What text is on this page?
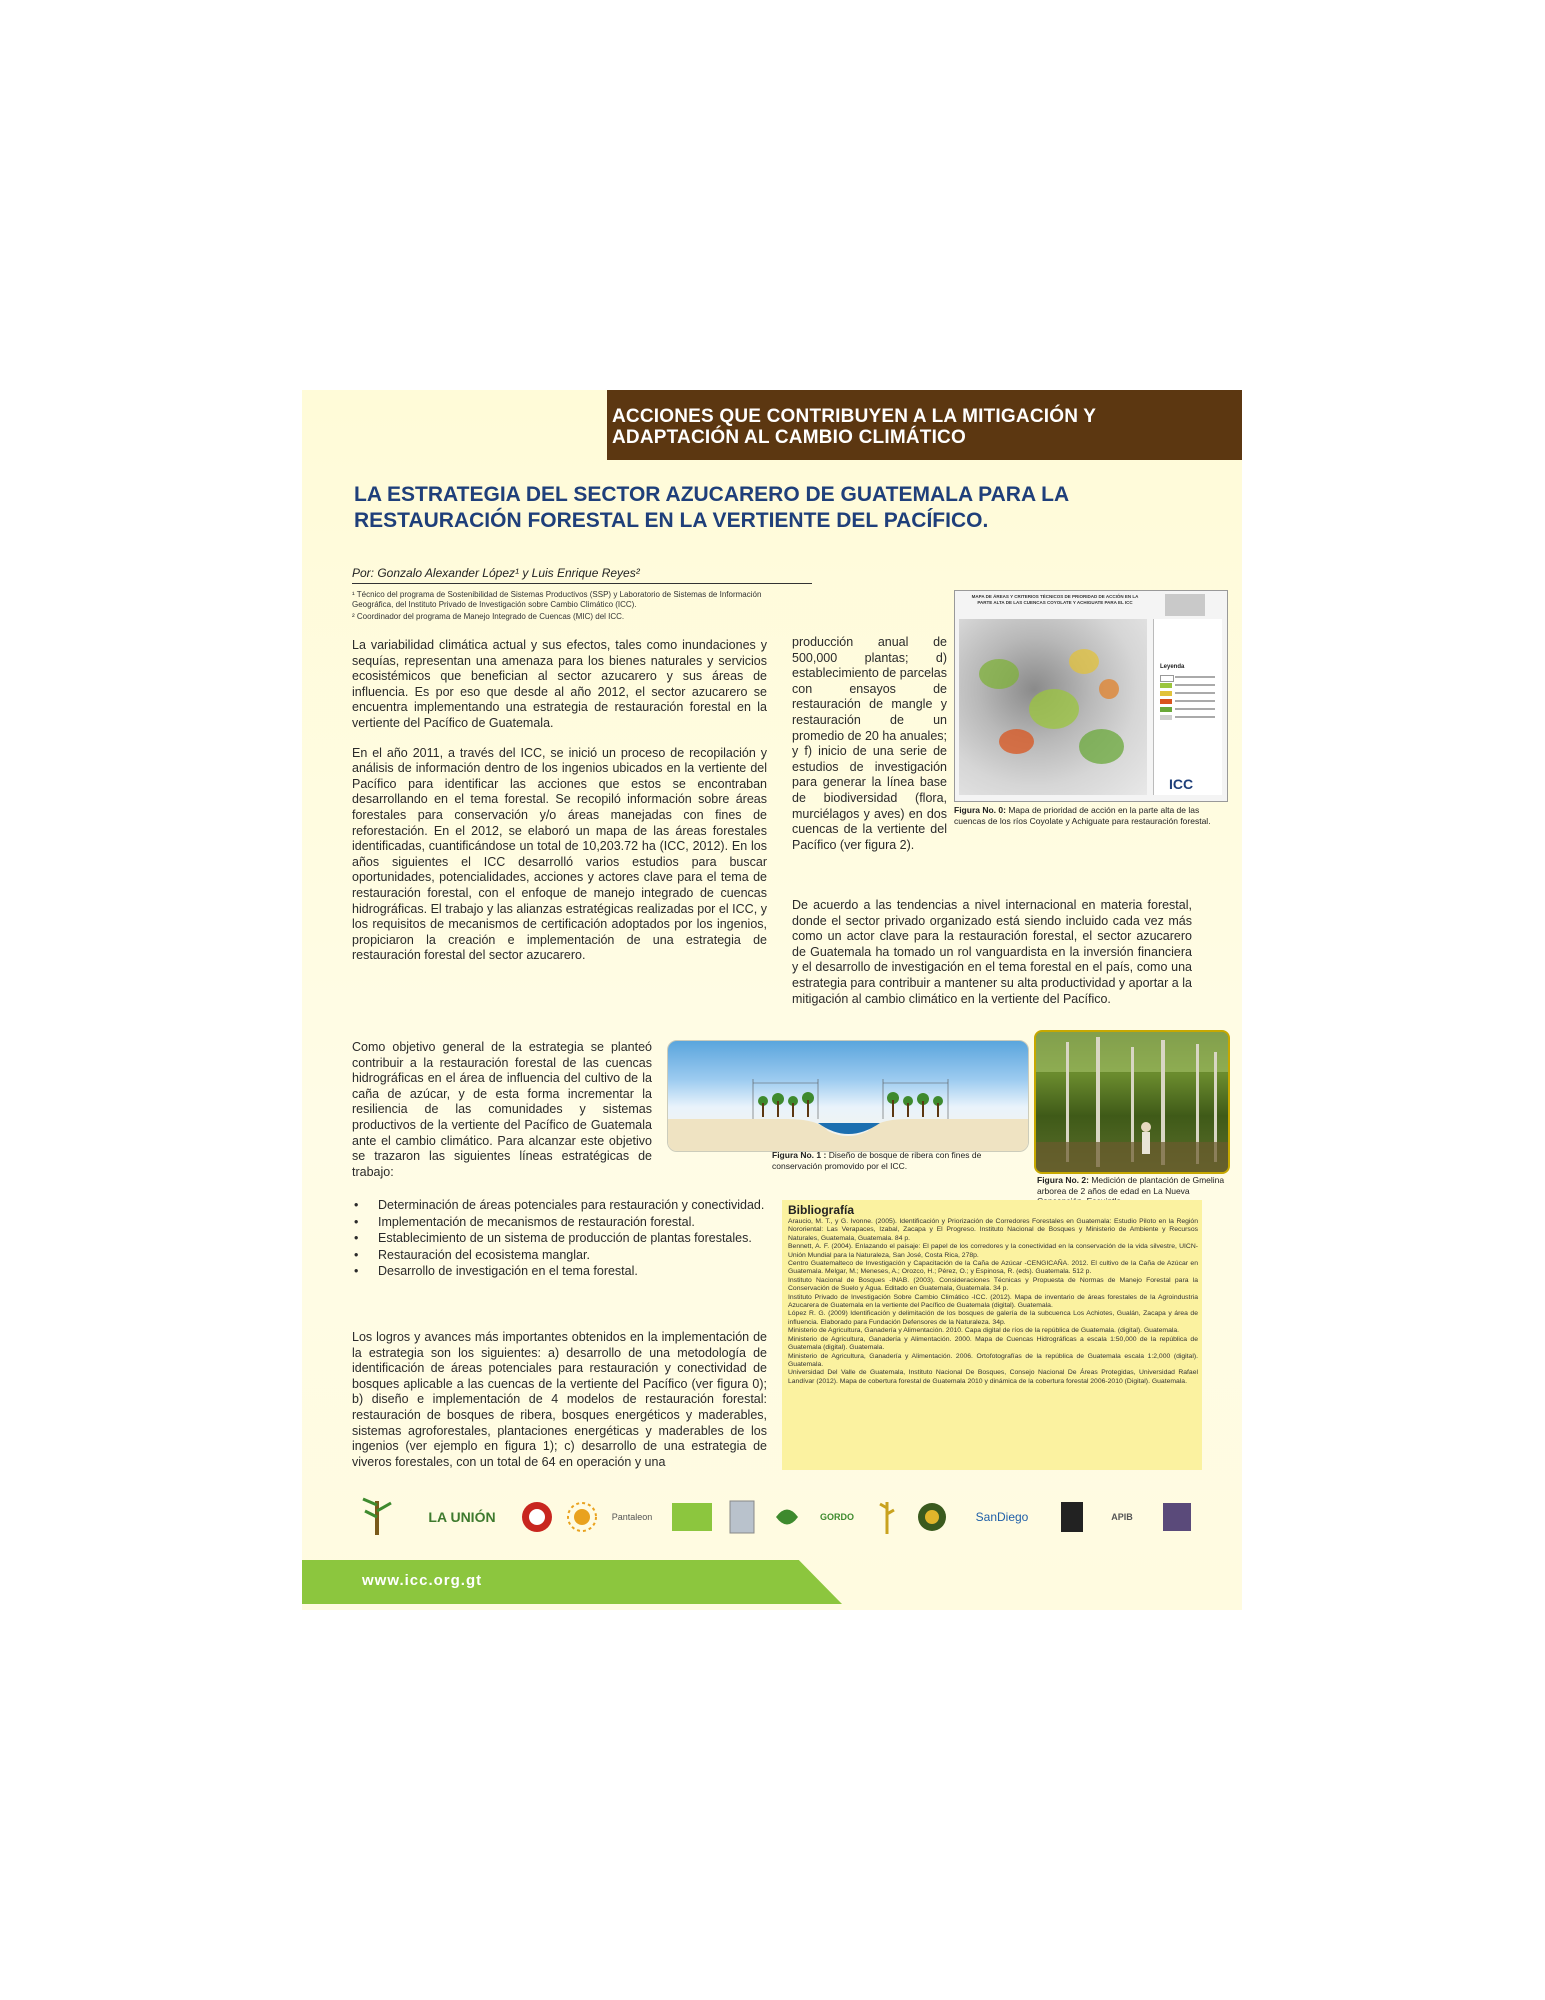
ACCIONES QUE CONTRIBUYEN A LA MITIGACIÓN Y ADAPTACIÓN AL CAMBIO CLIMÁTICO
LA ESTRATEGIA DEL SECTOR AZUCARERO DE GUATEMALA PARA LA RESTAURACIÓN FORESTAL EN LA VERTIENTE DEL PACÍFICO.
Por: Gonzalo Alexander López¹ y Luis Enrique Reyes²

¹ Técnico del programa de Sostenibilidad de Sistemas Productivos (SSP) y Laboratorio de Sistemas de Información Geográfica, del Instituto Privado de Investigación sobre Cambio Climático (ICC).

² Coordinador del programa de Manejo Integrado de Cuencas (MIC) del ICC.

La variabilidad climática actual y sus efectos, tales como inundaciones y sequías, representan una amenaza para los bienes naturales y servicios ecosistémicos que benefician al sector azucarero y sus áreas de influencia. Es por eso que desde al año 2012, el sector azucarero se encuentra implementando una estrategia de restauración forestal en la vertiente del Pacífico de Guatemala.

En el año 2011, a través del ICC, se inició un proceso de recopilación y análisis de información dentro de los ingenios ubicados en la vertiente del Pacífico para identificar las acciones que estos se encontraban desarrollando en el tema forestal. Se recopiló información sobre áreas forestales para conservación y/o áreas manejadas con fines de reforestación. En el 2012, se elaboró un mapa de las áreas forestales identificadas, cuantificándose un total de 10,203.72 ha (ICC, 2012). En los años siguientes el ICC desarrolló varios estudios para buscar oportunidades, potencialidades, acciones y actores clave para el tema de restauración forestal, con el enfoque de manejo integrado de cuencas hidrográficas. El trabajo y las alianzas estratégicas realizadas por el ICC, y los requisitos de mecanismos de certificación adoptados por los ingenios, propiciaron la creación e implementación de una estrategia de restauración forestal del sector azucarero.

Como objetivo general de la estrategia se planteó contribuir a la restauración forestal de las cuencas hidrográficas en el área de influencia del cultivo de la caña de azúcar, y de esta forma incrementar la resiliencia de las comunidades y sistemas productivos de la vertiente del Pacífico de Guatemala ante el cambio climático. Para alcanzar este objetivo se trazaron las siguientes líneas estratégicas de trabajo:

• Determinación de áreas potenciales para restauración y conectividad.
• Implementación de mecanismos de restauración forestal.
• Establecimiento de un sistema de producción de plantas forestales.
• Restauración del ecosistema manglar.
• Desarrollo de investigación en el tema forestal.

Los logros y avances más importantes obtenidos en la implementación de la estrategia son los siguientes: a) desarrollo de una metodología de identificación de áreas potenciales para restauración y conectividad de bosques aplicable a las cuencas de la vertiente del Pacífico (ver figura 0); b) diseño e implementación de 4 modelos de restauración forestal: restauración de bosques de ribera, bosques energéticos y maderables, sistemas agroforestales, plantaciones energéticas y maderables de los ingenios (ver ejemplo en figura 1); c) desarrollo de una estrategia de viveros forestales, con un total de 64 en operación y una

producción anual de 500,000 plantas; d) establecimiento de parcelas con ensayos de restauración de mangle y restauración de un promedio de 20 ha anuales; y f) inicio de una serie de estudios de investigación para generar la línea base de biodiversidad (flora, murciélagos y aves) en dos cuencas de la vertiente del Pacífico (ver figura 2).

De acuerdo a las tendencias a nivel internacional en materia forestal, donde el sector privado organizado está siendo incluido cada vez más como un actor clave para la restauración forestal, el sector azucarero de Guatemala ha tomado un rol vanguardista en la inversión financiera y el desarrollo de investigación en el tema forestal en el país, como una estrategia para contribuir a mantener su alta productividad y aportar a la mitigación al cambio climático en la vertiente del Pacífico.

MAPA DE ÁREAS Y CRITERIOS TÉCNICOS DE PRIORIDAD DE ACCIÓN EN LA PARTE ALTA DE LAS CUENCAS COYOLATE Y ACHIGUATE PARA EL ICC
Leyenda
ICC
Figura No. 0: Mapa de prioridad de acción en la parte alta de las cuencas de los ríos Coyolate y Achiguate para restauración forestal.
Figura No. 1 : Diseño de bosque de ribera con fines de conservación promovido por el ICC.
Figura No. 2: Medición de plantación de Gmelina arborea de 2 años de edad en La Nueva
Bibliografía

Araucio, M. T., y G. Ivonne. (2005). Identificación y Priorización de Corredores Forestales en Guatemala: Estudio Piloto en la Región Nororiental: Las Verapaces, Izabal, Zacapa y El Progreso. Instituto Nacional de Bosques y Ministerio de Ambiente y Recursos Naturales, Guatemala, Guatemala. 84 p.

Bennett, A. F. (2004). Enlazando el paisaje: El papel de los corredores y la conectividad en la conservación de la vida silvestre, UICN-Unión Mundial para la Naturaleza, San José, Costa Rica, 278p.

Centro Guatemalteco de Investigación y Capacitación de la Caña de Azúcar -CENGICAÑA. 2012. El cultivo de la Caña de Azúcar en Guatemala. Melgar, M.; Meneses, A.; Orozco, H.; Pérez, O.; y Espinosa, R. (eds). Guatemala. 512 p.

Instituto Nacional de Bosques -INAB. (2003). Consideraciones Técnicas y Propuesta de Normas de Manejo Forestal para la Conservación de Suelo y Agua. Editado en Guatemala, Guatemala. 34 p.

Instituto Privado de Investigación Sobre Cambio Climático -ICC. (2012). Mapa de inventario de áreas forestales de la Agroindustria Azucarera de Guatemala en la vertiente del Pacífico de Guatemala (digital). Guatemala.

López R. G. (2009) Identificación y delimitación de los bosques de galería de la subcuenca Los Achiotes, Gualán, Zacapa y área de influencia. Elaborado para Fundación Defensores de la Naturaleza. 34p.

Ministerio de Agricultura, Ganadería y Alimentación. 2010. Capa digital de ríos de la república de Guatemala. (digital). Guatemala.

Ministerio de Agricultura, Ganadería y Alimentación. 2000. Mapa de Cuencas Hidrográficas a escala 1:50,000 de la república de Guatemala (digital). Guatemala.

Ministerio de Agricultura, Ganadería y Alimentación. 2006. Ortofotografías de la república de Guatemala escala 1:2,000 (digital). Guatemala.

Universidad Del Valle de Guatemala, Instituto Nacional De Bosques, Consejo Nacional De Áreas Protegidas, Universidad Rafael Landívar (2012). Mapa de cobertura forestal de Guatemala 2010 y dinámica de la cobertura forestal 2006-2010 (Digital). Guatemala.

LA UNIÓN	Pantaleon	GORDO	SanDiego	APIB
www.icc.org.gt
